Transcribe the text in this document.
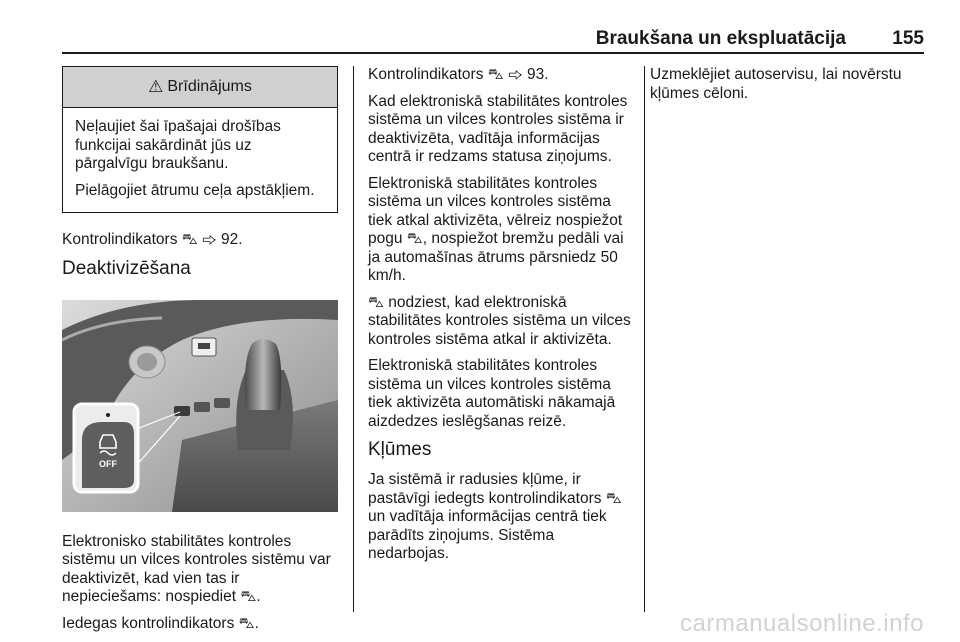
Braukšana un ekspluatācija 155
⚠ Brīdinājums

Neļaujiet šai īpašajai drošības funkcijai sakārdināt jūs uz pārgalvīgu braukšanu.

Pielāgojiet ātrumu ceļa apstākļiem.

Kontrolindikators ⛍ ⇨ 92.

Deaktivizēšana
OFF

Elektronisko stabilitātes kontroles sistēmu un vilces kontroles sistēmu var deaktivizēt, kad vien tas ir nepieciešams: nospiediet ⛍.

Iedegas kontrolindikators ⛍.

Kontrolindikators ⛍ ⇨ 93.

Kad elektroniskā stabilitātes kontroles sistēma un vilces kontroles sistēma ir deaktivizēta, vadītāja informācijas centrā ir redzams statusa ziņojums.

Elektroniskā stabilitātes kontroles sistēma un vilces kontroles sistēma tiek atkal aktivizēta, vēlreiz nospiežot pogu ⛍, nospiežot bremžu pedāli vai ja automašīnas ātrums pārsniedz 50 km/h.

⛍ nodziest, kad elektroniskā stabilitātes kontroles sistēma un vilces kontroles sistēma atkal ir aktivizēta.

Elektroniskā stabilitātes kontroles sistēma un vilces kontroles sistēma tiek aktivizēta automātiski nākamajā aizdedzes ieslēgšanas reizē.

Kļūmes

Ja sistēmā ir radusies kļūme, ir pastāvīgi iedegts kontrolindikators ⛍ un vadītāja informācijas centrā tiek parādīts ziņojums. Sistēma nedarbojas.

Uzmeklējiet autoservisu, lai novērstu kļūmes cēloni.

carmanualsonline.info
